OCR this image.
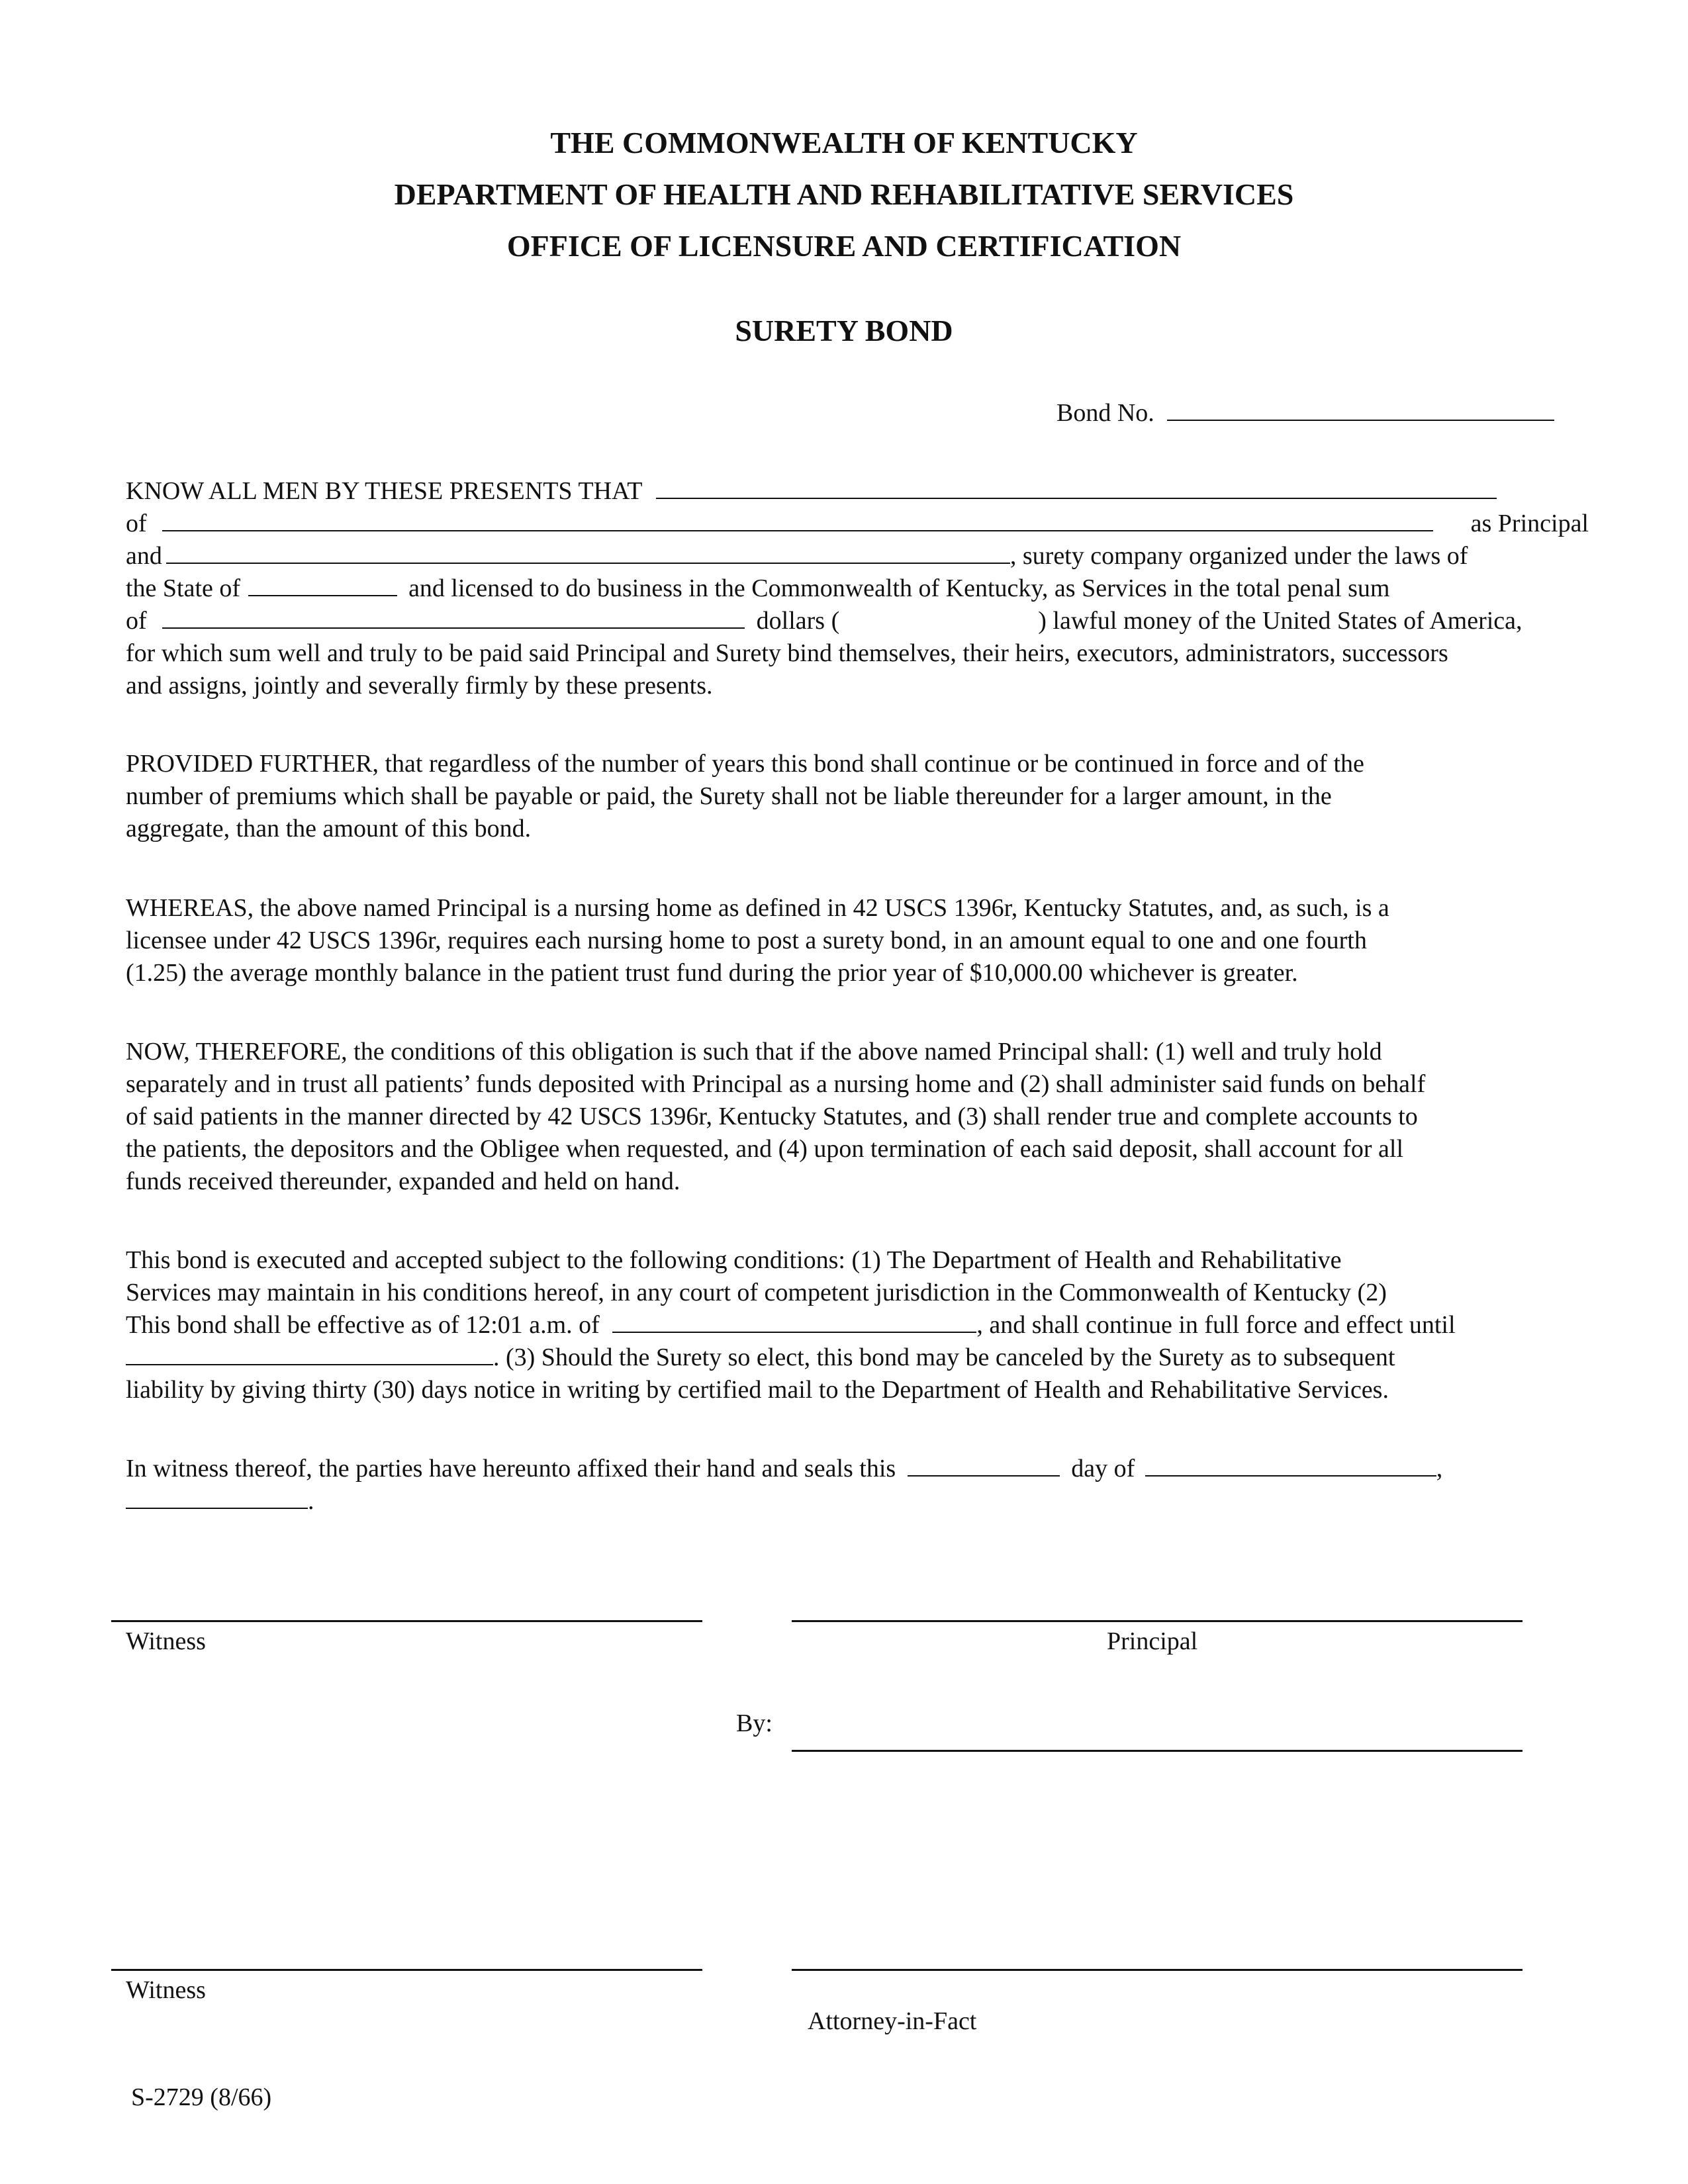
THE COMMONWEALTH OF KENTUCKY
DEPARTMENT OF HEALTH AND REHABILITATIVE SERVICES
OFFICE OF LICENSURE AND CERTIFICATION
SURETY BOND
Bond No.
KNOW ALL MEN BY THESE PRESENTS THAT
of	as Principal
and	, surety company organized under the laws of
the State of	and licensed to do business in the Commonwealth of Kentucky, as Services in the total penal sum
of	dollars (	) lawful money of the United States of America,
for which sum well and truly to be paid said Principal and Surety bind themselves, their heirs, executors, administrators, successors
and assigns, jointly and severally firmly by these presents.
PROVIDED FURTHER, that regardless of the number of years this bond shall continue or be continued in force and of the
number of premiums which shall be payable or paid, the Surety shall not be liable thereunder for a larger amount, in the
aggregate, than the amount of this bond.
WHEREAS, the above named Principal is a nursing home as defined in 42 USCS 1396r, Kentucky Statutes, and, as such, is a
licensee under 42 USCS 1396r, requires each nursing home to post a surety bond, in an amount equal to one and one fourth
(1.25) the average monthly balance in the patient trust fund during the prior year of $10,000.00 whichever is greater.
NOW, THEREFORE, the conditions of this obligation is such that if the above named Principal shall: (1) well and truly hold
separately and in trust all patients’ funds deposited with Principal as a nursing home and (2) shall administer said funds on behalf
of said patients in the manner directed by 42 USCS 1396r, Kentucky Statutes, and (3) shall render true and complete accounts to
the patients, the depositors and the Obligee when requested, and (4) upon termination of each said deposit, shall account for all
funds received thereunder, expanded and held on hand.
This bond is executed and accepted subject to the following conditions: (1) The Department of Health and Rehabilitative
Services may maintain in his conditions hereof, in any court of competent jurisdiction in the Commonwealth of Kentucky (2)
This bond shall be effective as of 12:01 a.m. of	, and shall continue in full force and effect until
. (3) Should the Surety so elect, this bond may be canceled by the Surety as to subsequent
liability by giving thirty (30) days notice in writing by certified mail to the Department of Health and Rehabilitative Services.
In witness thereof, the parties have hereunto affixed their hand and seals this	day of	,
.
Witness	Principal
By:
Witness
Attorney-in-Fact
S-2729 (8/66)
